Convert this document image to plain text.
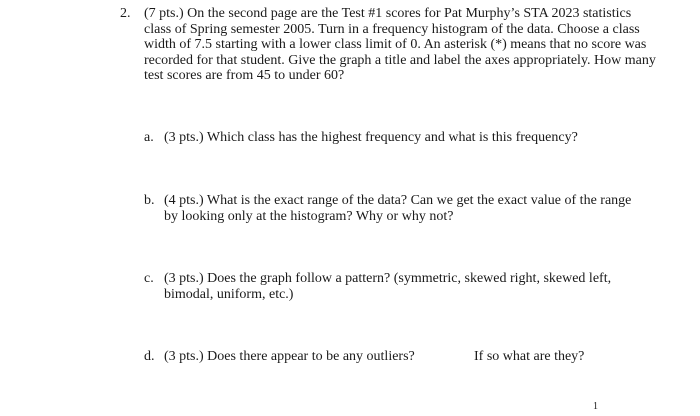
2. (7 pts.) On the second page are the Test #1 scores for Pat Murphy’s STA 2023 statistics class of Spring semester 2005. Turn in a frequency histogram of the data. Choose a class width of 7.5 starting with a lower class limit of 0. An asterisk (*) means that no score was recorded for that student. Give the graph a title and label the axes appropriately. How many test scores are from 45 to under 60?
a. (3 pts.) Which class has the highest frequency and what is this frequency?
b. (4 pts.) What is the exact range of the data? Can we get the exact value of the range by looking only at the histogram? Why or why not?
c. (3 pts.) Does the graph follow a pattern? (symmetric, skewed right, skewed left, bimodal, uniform, etc.)
d. (3 pts.) Does there appear to be any outliers?	If so what are they?
1
